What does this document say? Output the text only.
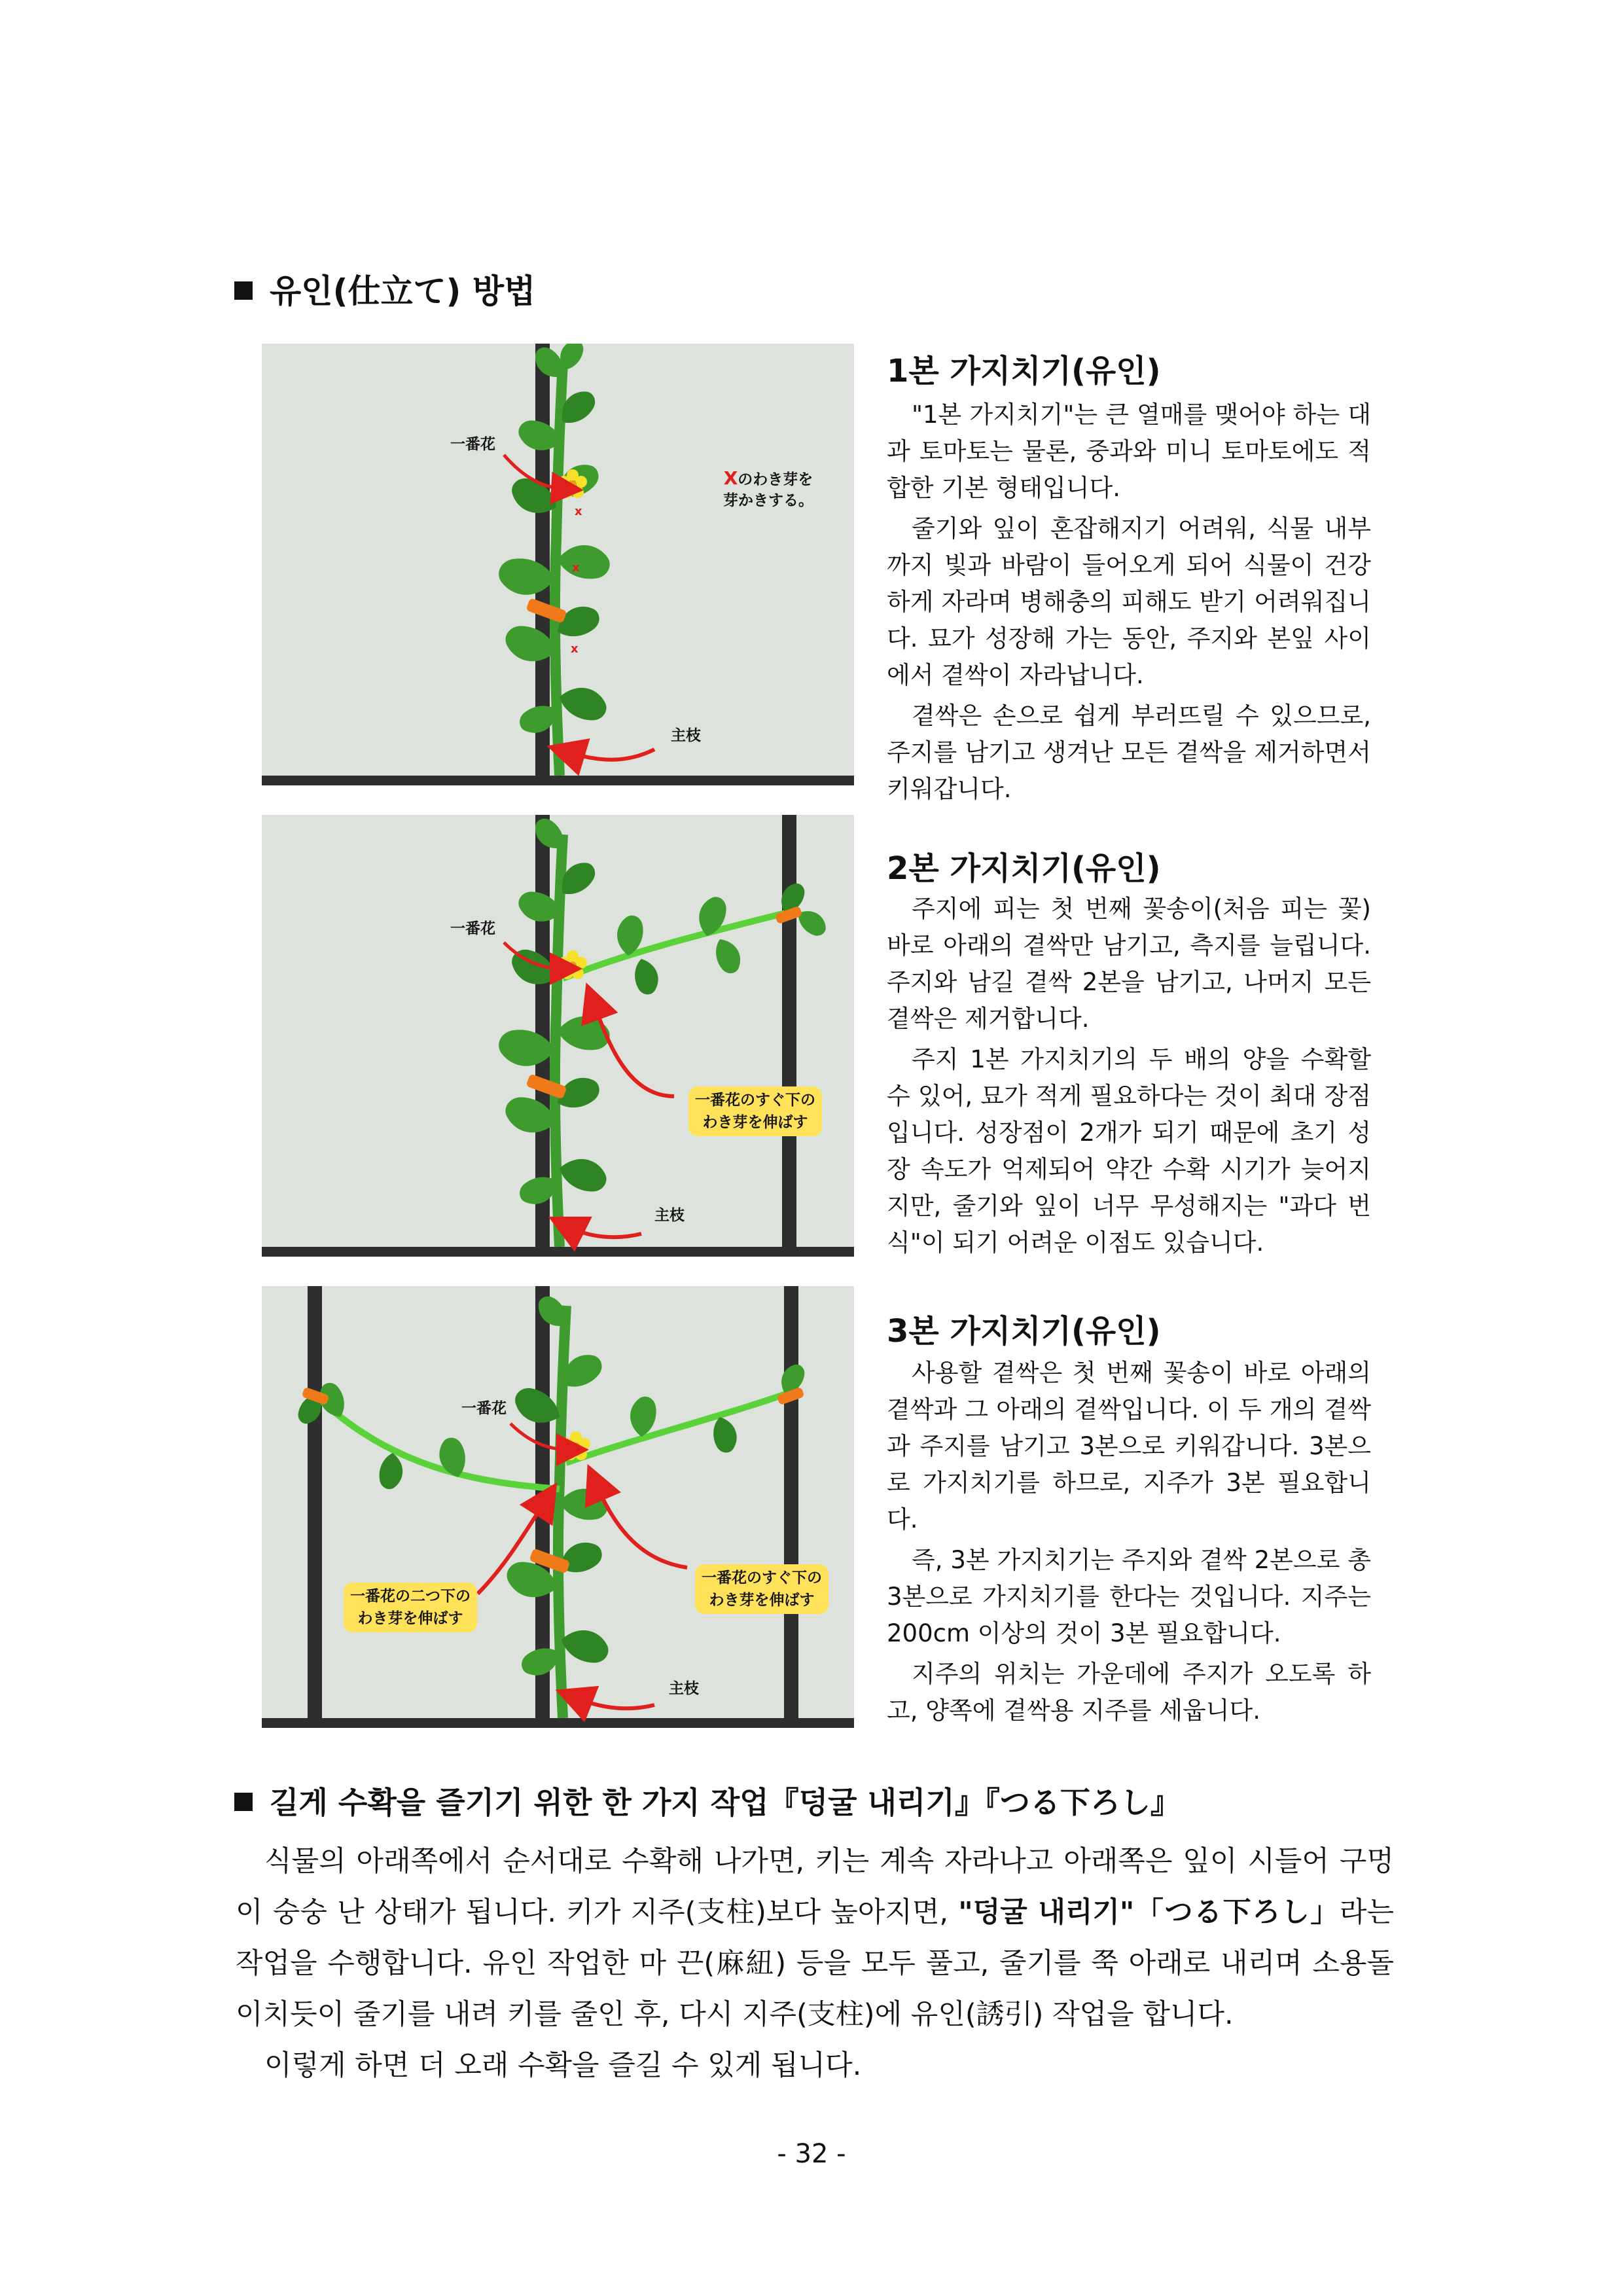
유인(仕立て) 방법
x
x
x
一番花
Xのわき芽を
芽かきする。
主枝
1본 가지치기(유인)

"1본 가지치기"는 큰 열매를 맺어야 하는 대과 토마토는 물론, 중과와 미니 토마토에도 적합한 기본 형태입니다.

줄기와 잎이 혼잡해지기 어려워, 식물 내부까지 빛과 바람이 들어오게 되어 식물이 건강하게 자라며 병해충의 피해도 받기 어려워집니다. 묘가 성장해 가는 동안, 주지와 본잎 사이에서 곁싹이 자라납니다.

곁싹은 손으로 쉽게 부러뜨릴 수 있으므로, 주지를 남기고 생겨난 모든 곁싹을 제거하면서 키워갑니다.

一番花
一番花のすぐ下の
わき芽を伸ばす
主枝
2본 가지치기(유인)

주지에 피는 첫 번째 꽃송이(처음 피는 꽃) 바로 아래의 곁싹만 남기고, 측지를 늘립니다. 주지와 남길 곁싹 2본을 남기고, 나머지 모든 곁싹은 제거합니다.

주지 1본 가지치기의 두 배의 양을 수확할 수 있어, 묘가 적게 필요하다는 것이 최대 장점입니다. 성장점이 2개가 되기 때문에 초기 성장 속도가 억제되어 약간 수확 시기가 늦어지지만, 줄기와 잎이 너무 무성해지는 "과다 번식"이 되기 어려운 이점도 있습니다.

一番花
一番花の二つ下の
わき芽を伸ばす
一番花のすぐ下の
わき芽を伸ばす
主枝
3본 가지치기(유인)

사용할 곁싹은 첫 번째 꽃송이 바로 아래의 곁싹과 그 아래의 곁싹입니다. 이 두 개의 곁싹과 주지를 남기고 3본으로 키워갑니다. 3본으로 가지치기를 하므로, 지주가 3본 필요합니다.

즉, 3본 가지치기는 주지와 곁싹 2본으로 총 3본으로 가지치기를 한다는 것입니다. 지주는 200cm 이상의 것이 3본 필요합니다.

지주의 위치는 가운데에 주지가 오도록 하고, 양쪽에 곁싹용 지주를 세웁니다.

길게 수확을 즐기기 위한 한 가지 작업『덩굴 내리기』『つる下ろし』

식물의 아래쪽에서 순서대로 수확해 나가면, 키는 계속 자라나고 아래쪽은 잎이 시들어 구멍이 숭숭 난 상태가 됩니다. 키가 지주(支柱)보다 높아지면, "덩굴 내리기"「つる下ろし」라는 작업을 수행합니다. 유인 작업한 마 끈(麻紐) 등을 모두 풀고, 줄기를 쭉 아래로 내리며 소용돌이치듯이 줄기를 내려 키를 줄인 후, 다시 지주(支柱)에 유인(誘引) 작업을 합니다.

이렇게 하면 더 오래 수확을 즐길 수 있게 됩니다.

- 32 -
